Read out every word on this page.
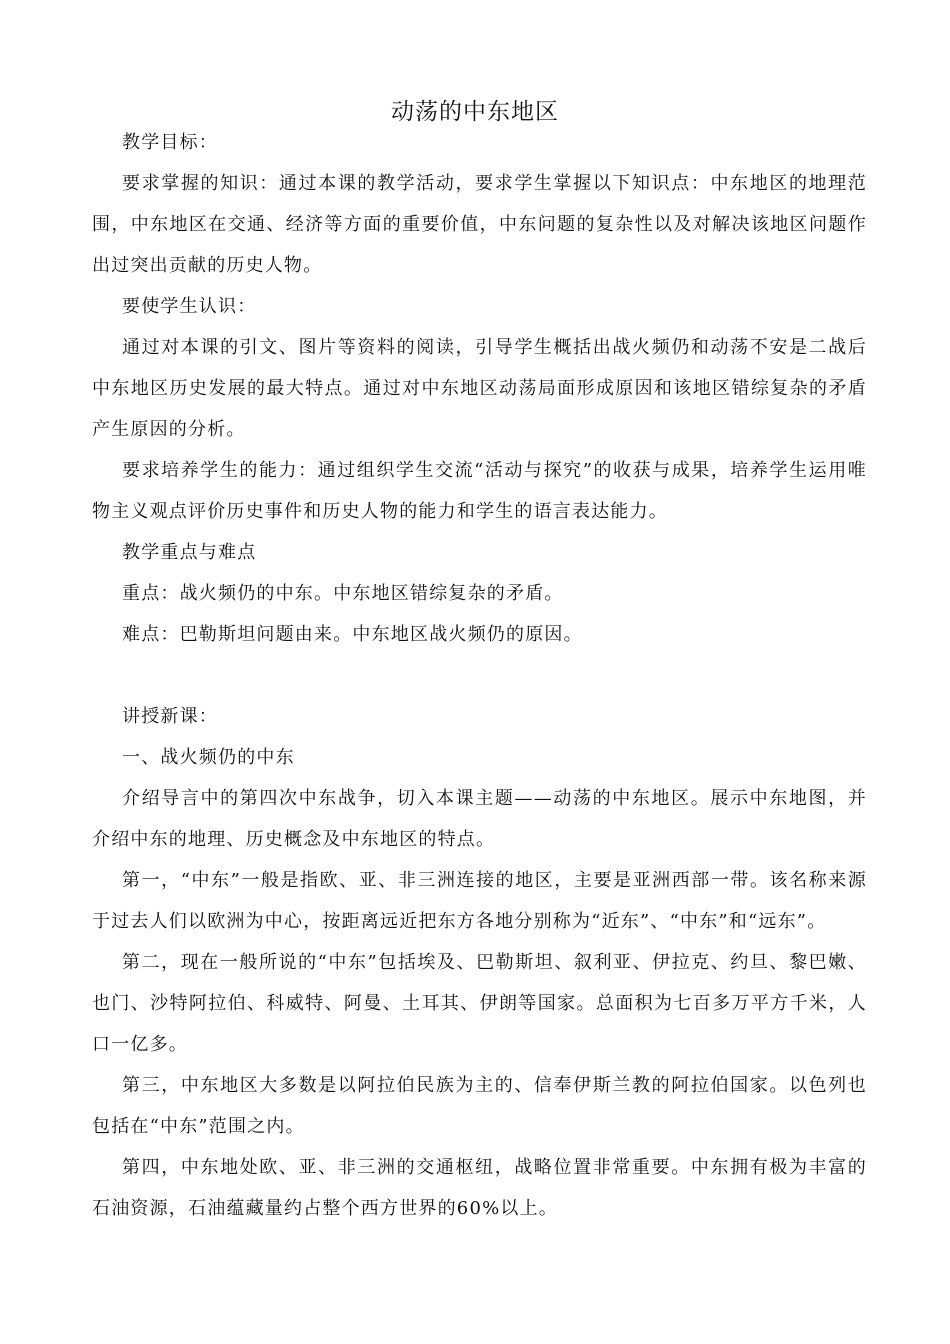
动荡的中东地区

教学目标：

要求掌握的知识：通过本课的教学活动，要求学生掌握以下知识点：中东地区的地理范围，中东地区在交通、经济等方面的重要价值，中东问题的复杂性以及对解决该地区问题作出过突出贡献的历史人物。

要使学生认识：

通过对本课的引文、图片等资料的阅读，引导学生概括出战火频仍和动荡不安是二战后中东地区历史发展的最大特点。通过对中东地区动荡局面形成原因和该地区错综复杂的矛盾产生原因的分析。

要求培养学生的能力：通过组织学生交流“活动与探究”的收获与成果，培养学生运用唯物主义观点评价历史事件和历史人物的能力和学生的语言表达能力。

教学重点与难点

重点：战火频仍的中东。中东地区错综复杂的矛盾。

难点：巴勒斯坦问题由来。中东地区战火频仍的原因。

讲授新课：

一、战火频仍的中东

介绍导言中的第四次中东战争，切入本课主题——动荡的中东地区。展示中东地图，并介绍中东的地理、历史概念及中东地区的特点。

第一，“中东”一般是指欧、亚、非三洲连接的地区，主要是亚洲西部一带。该名称来源于过去人们以欧洲为中心，按距离远近把东方各地分别称为“近东”、“中东”和“远东”。

第二，现在一般所说的“中东”包括埃及、巴勒斯坦、叙利亚、伊拉克、约旦、黎巴嫩、也门、沙特阿拉伯、科威特、阿曼、土耳其、伊朗等国家。总面积为七百多万平方千米，人口一亿多。

第三，中东地区大多数是以阿拉伯民族为主的、信奉伊斯兰教的阿拉伯国家。以色列也包括在“中东”范围之内。

第四，中东地处欧、亚、非三洲的交通枢纽，战略位置非常重要。中东拥有极为丰富的石油资源，石油蕴藏量约占整个西方世界的60%以上。
